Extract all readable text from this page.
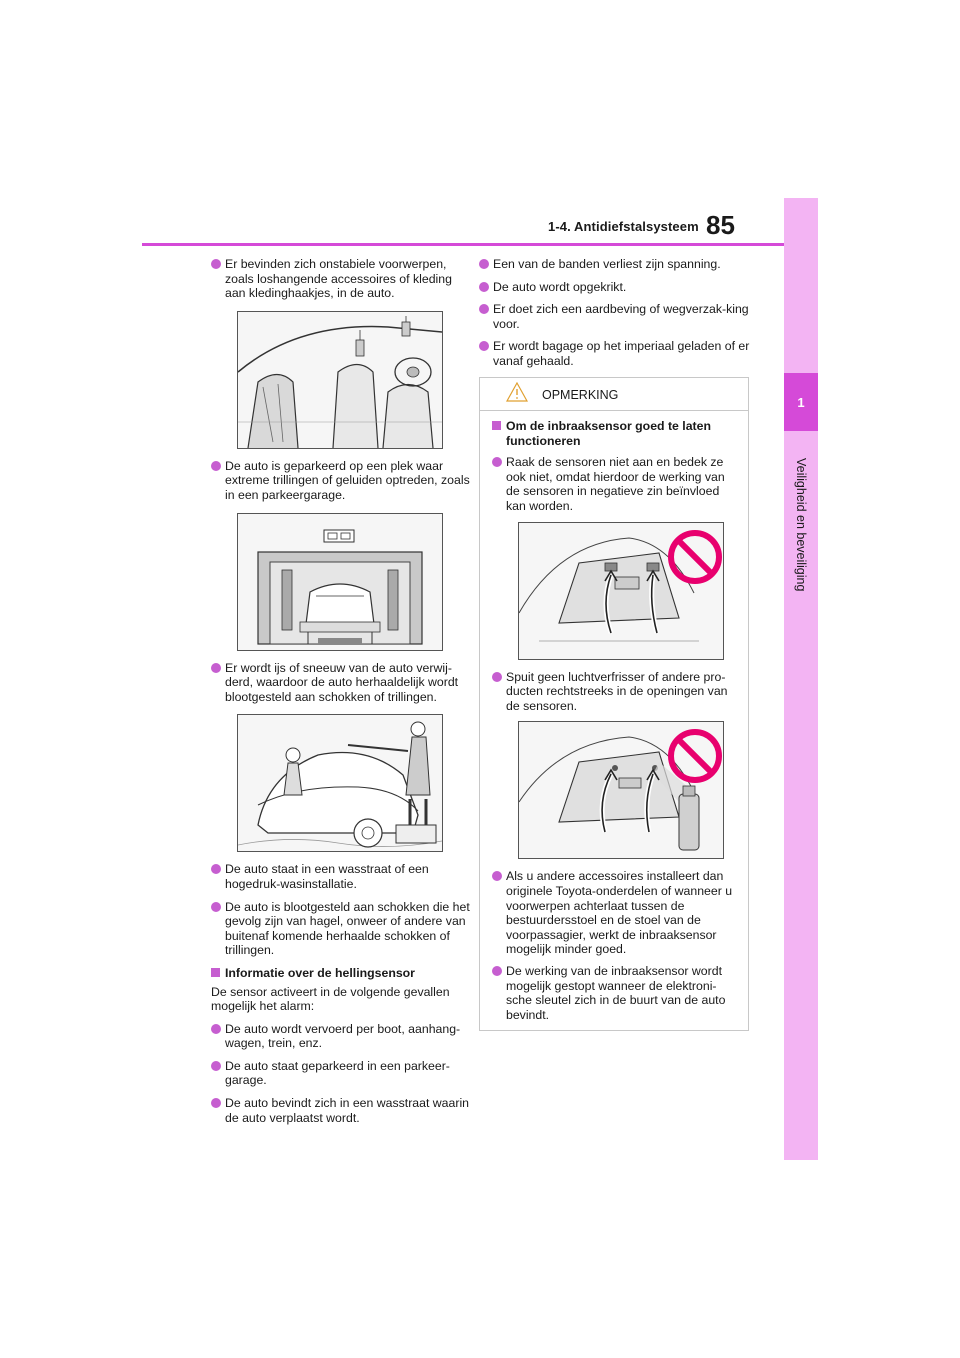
1-4. Antidiefstalsysteem 85
1
Veiligheid en beveiliging
Er bevinden zich onstabiele voorwerpen, zoals loshangende accessoires of kleding aan kledinghaakjes, in de auto.
De auto is geparkeerd op een plek waar extreme trillingen of geluiden optreden, zoals in een parkeergarage.
Er wordt ijs of sneeuw van de auto verwij-derd, waardoor de auto herhaaldelijk wordt blootgesteld aan schokken of trillingen.
De auto staat in een wasstraat of een hogedruk-wasinstallatie.
De auto is blootgesteld aan schokken die het gevolg zijn van hagel, onweer of andere van buitenaf komende herhaalde schokken of trillingen.
Informatie over de hellingsensor
De sensor activeert in de volgende gevallen mogelijk het alarm:
De auto wordt vervoerd per boot, aanhang-wagen, trein, enz.
De auto staat geparkeerd in een parkeer-garage.
De auto bevindt zich in een wasstraat waarin de auto verplaatst wordt.
Een van de banden verliest zijn spanning.
De auto wordt opgekrikt.
Er doet zich een aardbeving of wegverzak-king voor.
Er wordt bagage op het imperiaal geladen of er vanaf gehaald.
OPMERKING
Om de inbraaksensor goed te laten functioneren
Raak de sensoren niet aan en bedek ze ook niet, omdat hierdoor de werking van de sensoren in negatieve zin beïnvloed kan worden.
Spuit geen luchtverfrisser of andere pro-ducten rechtstreeks in de openingen van de sensoren.
Als u andere accessoires installeert dan originele Toyota-onderdelen of wanneer u voorwerpen achterlaat tussen de bestuurdersstoel en de stoel van de voorpassagier, werkt de inbraaksensor mogelijk minder goed.
De werking van de inbraaksensor wordt mogelijk gestopt wanneer de elektroni-sche sleutel zich in de buurt van de auto bevindt.
